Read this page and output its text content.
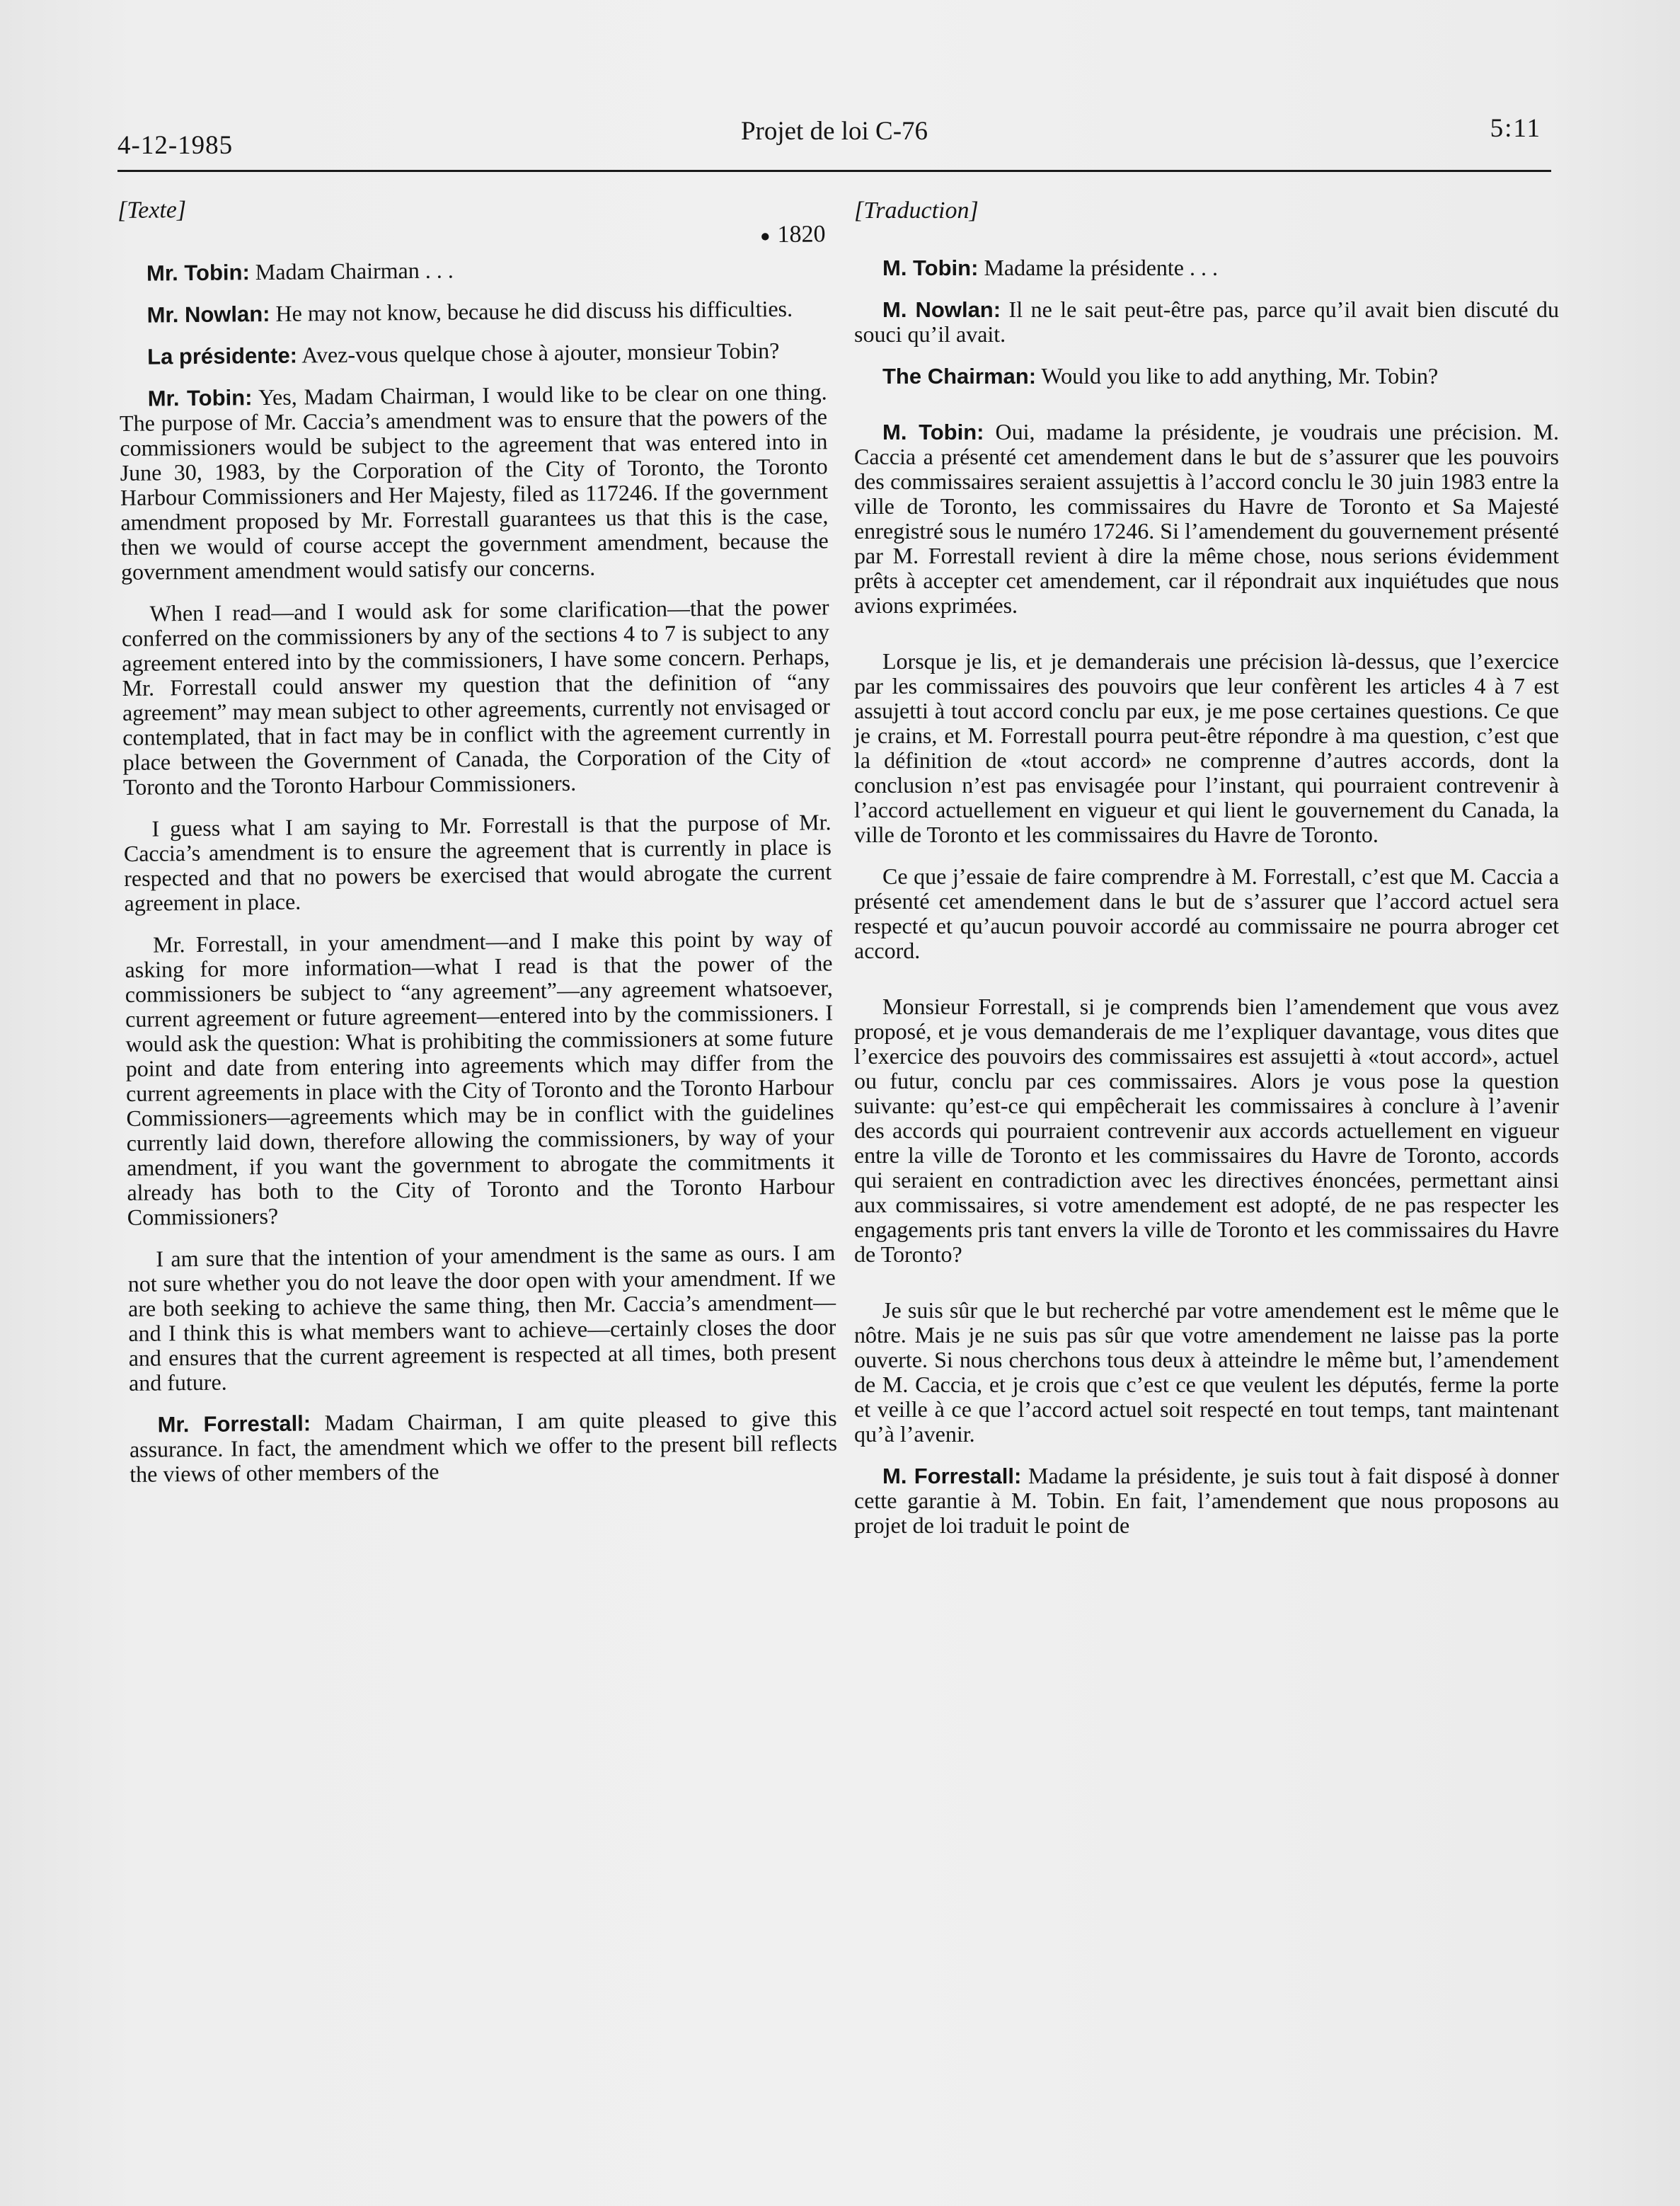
4-12-1985	Projet de loi C-76	5:11
[Texte]
● 1820

Mr. Tobin: Madam Chairman . . .

Mr. Nowlan: He may not know, because he did discuss his difficulties.

La présidente: Avez-vous quelque chose à ajouter, monsieur Tobin?

Mr. Tobin: Yes, Madam Chairman, I would like to be clear on one thing. The purpose of Mr. Caccia’s amendment was to ensure that the powers of the commissioners would be subject to the agreement that was entered into in June 30, 1983, by the Corporation of the City of Toronto, the Toronto Harbour Commissioners and Her Majesty, filed as 117246. If the government amendment proposed by Mr. Forrestall guarantees us that this is the case, then we would of course accept the government amendment, because the government amendment would satisfy our concerns.

When I read—and I would ask for some clarification—that the power conferred on the commissioners by any of the sections 4 to 7 is subject to any agreement entered into by the commissioners, I have some concern. Perhaps, Mr. Forrestall could answer my question that the definition of “any agreement” may mean subject to other agreements, currently not envisaged or contemplated, that in fact may be in conflict with the agreement currently in place between the Government of Canada, the Corporation of the City of Toronto and the Toronto Harbour Commissioners.

I guess what I am saying to Mr. Forrestall is that the purpose of Mr. Caccia’s amendment is to ensure the agreement that is currently in place is respected and that no powers be exercised that would abrogate the current agreement in place.

Mr. Forrestall, in your amendment—and I make this point by way of asking for more information—what I read is that the power of the commissioners be subject to “any agreement”—any agreement whatsoever, current agreement or future agreement—entered into by the commissioners. I would ask the question: What is prohibiting the commissioners at some future point and date from entering into agreements which may differ from the current agreements in place with the City of Toronto and the Toronto Harbour Commissioners—agreements which may be in conflict with the guidelines currently laid down, therefore allowing the commissioners, by way of your amendment, if you want the government to abrogate the commitments it already has both to the City of Toronto and the Toronto Harbour Commissioners?

I am sure that the intention of your amendment is the same as ours. I am not sure whether you do not leave the door open with your amendment. If we are both seeking to achieve the same thing, then Mr. Caccia’s amendment—and I think this is what members want to achieve—certainly closes the door and ensures that the current agreement is respected at all times, both present and future.

Mr. Forrestall: Madam Chairman, I am quite pleased to give this assurance. In fact, the amendment which we offer to the present bill reflects the views of other members of the

[Traduction]

M. Tobin: Madame la présidente . . .

M. Nowlan: Il ne le sait peut-être pas, parce qu’il avait bien discuté du souci qu’il avait.

The Chairman: Would you like to add anything, Mr. Tobin?

M. Tobin: Oui, madame la présidente, je voudrais une précision. M. Caccia a présenté cet amendement dans le but de s’assurer que les pouvoirs des commissaires seraient assujettis à l’accord conclu le 30 juin 1983 entre la ville de Toronto, les commissaires du Havre de Toronto et Sa Majesté enregistré sous le numéro 17246. Si l’amendement du gouvernement présenté par M. Forrestall revient à dire la même chose, nous serions évidemment prêts à accepter cet amendement, car il répondrait aux inquiétudes que nous avions exprimées.

Lorsque je lis, et je demanderais une précision là-dessus, que l’exercice par les commissaires des pouvoirs que leur confèrent les articles 4 à 7 est assujetti à tout accord conclu par eux, je me pose certaines questions. Ce que je crains, et M. Forrestall pourra peut-être répondre à ma question, c’est que la définition de «tout accord» ne comprenne d’autres accords, dont la conclusion n’est pas envisagée pour l’instant, qui pourraient contrevenir à l’accord actuellement en vigueur et qui lient le gouvernement du Canada, la ville de Toronto et les commissaires du Havre de Toronto.

Ce que j’essaie de faire comprendre à M. Forrestall, c’est que M. Caccia a présenté cet amendement dans le but de s’assurer que l’accord actuel sera respecté et qu’aucun pouvoir accordé au commissaire ne pourra abroger cet accord.

Monsieur Forrestall, si je comprends bien l’amendement que vous avez proposé, et je vous demanderais de me l’expliquer davantage, vous dites que l’exercice des pouvoirs des commissaires est assujetti à «tout accord», actuel ou futur, conclu par ces commissaires. Alors je vous pose la question suivante: qu’est-ce qui empêcherait les commissaires à conclure à l’avenir des accords qui pourraient contrevenir aux accords actuellement en vigueur entre la ville de Toronto et les commissaires du Havre de Toronto, accords qui seraient en contradiction avec les directives énoncées, permettant ainsi aux commissaires, si votre amendement est adopté, de ne pas respecter les engagements pris tant envers la ville de Toronto et les commissaires du Havre de Toronto?

Je suis sûr que le but recherché par votre amendement est le même que le nôtre. Mais je ne suis pas sûr que votre amendement ne laisse pas la porte ouverte. Si nous cherchons tous deux à atteindre le même but, l’amendement de M. Caccia, et je crois que c’est ce que veulent les députés, ferme la porte et veille à ce que l’accord actuel soit respecté en tout temps, tant maintenant qu’à l’avenir.

M. Forrestall: Madame la présidente, je suis tout à fait disposé à donner cette garantie à M. Tobin. En fait, l’amendement que nous proposons au projet de loi traduit le point de
